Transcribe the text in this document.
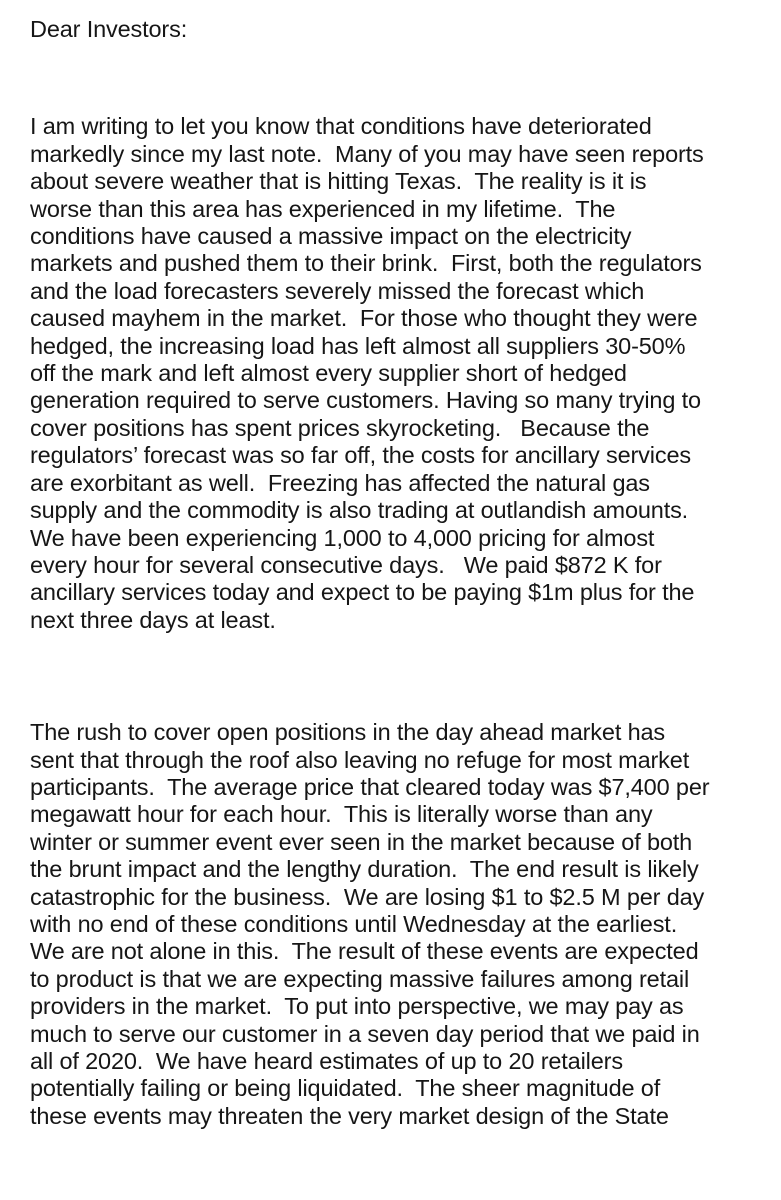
Dear Investors:

I am writing to let you know that conditions have deteriorated
markedly since my last note.  Many of you may have seen reports
about severe weather that is hitting Texas.  The reality is it is
worse than this area has experienced in my lifetime.  The
conditions have caused a massive impact on the electricity
markets and pushed them to their brink.  First, both the regulators
and the load forecasters severely missed the forecast which
caused mayhem in the market.  For those who thought they were
hedged, the increasing load has left almost all suppliers 30-50%
off the mark and left almost every supplier short of hedged
generation required to serve customers. Having so many trying to
cover positions has spent prices skyrocketing.   Because the
regulators’ forecast was so far off, the costs for ancillary services
are exorbitant as well.  Freezing has affected the natural gas
supply and the commodity is also trading at outlandish amounts.
We have been experiencing 1,000 to 4,000 pricing for almost
every hour for several consecutive days.   We paid $872 K for
ancillary services today and expect to be paying $1m plus for the
next three days at least.

The rush to cover open positions in the day ahead market has
sent that through the roof also leaving no refuge for most market
participants.  The average price that cleared today was $7,400 per
megawatt hour for each hour.  This is literally worse than any
winter or summer event ever seen in the market because of both
the brunt impact and the lengthy duration.  The end result is likely
catastrophic for the business.  We are losing $1 to $2.5 M per day
with no end of these conditions until Wednesday at the earliest.
We are not alone in this.  The result of these events are expected
to product is that we are expecting massive failures among retail
providers in the market.  To put into perspective, we may pay as
much to serve our customer in a seven day period that we paid in
all of 2020.  We have heard estimates of up to 20 retailers
potentially failing or being liquidated.  The sheer magnitude of
these events may threaten the very market design of the State
